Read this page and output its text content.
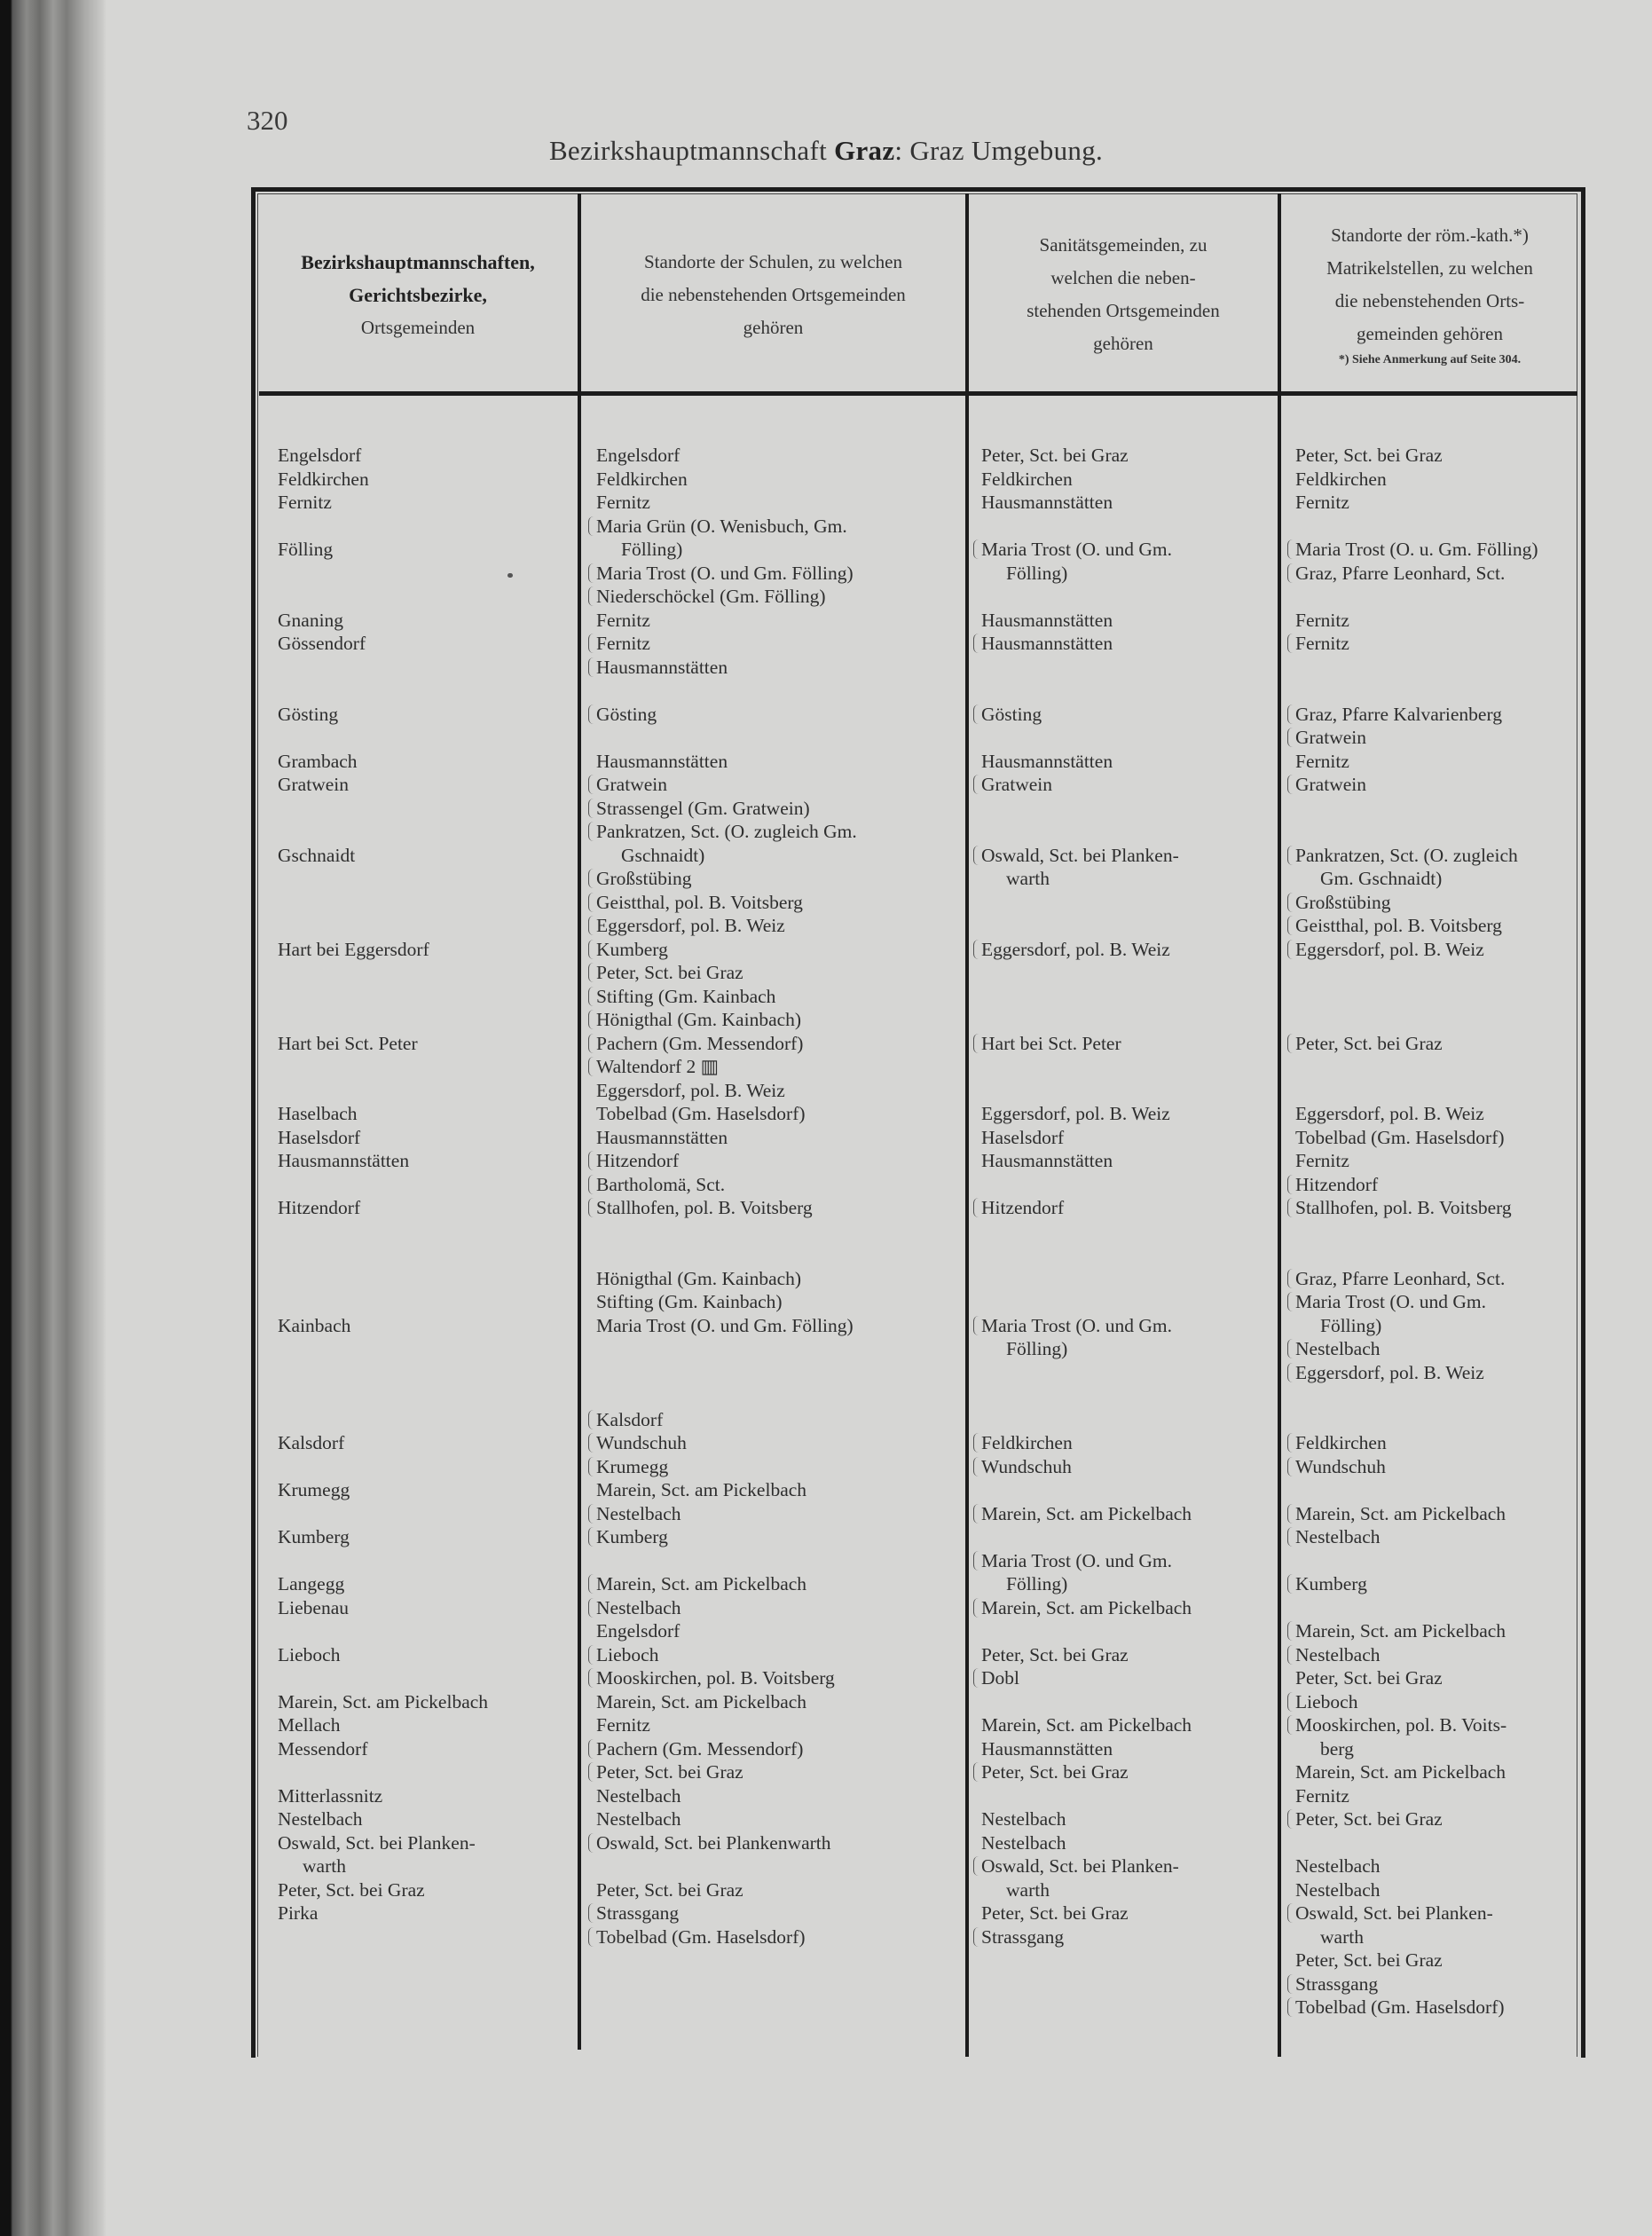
320
Bezirkshauptmannschaft Graz: Graz Umgebung.
Bezirkshauptmannschaften,
Gerichtsbezirke,
Ortsgemeinden
Standorte der Schulen, zu welchen
die nebenstehenden Ortsgemeinden
gehören
Sanitätsgemeinden, zu
welchen die neben-
stehenden Ortsgemeinden
gehören
Standorte der röm.-kath.*)
Matrikelstellen, zu welchen
die nebenstehenden Orts-
gemeinden gehören
*) Siehe Anmerkung auf Seite 304.
Engelsdorf
Feldkirchen
Fernitz
Fölling
Gnaning
Gössendorf
Gösting
Grambach
Gratwein
Gschnaidt
Hart bei Eggersdorf
Hart bei Sct. Peter
Haselbach
Haselsdorf
Hausmannstätten
Hitzendorf
Kainbach
Kalsdorf
Krumegg
Kumberg
Langegg
Liebenau
Lieboch
Marein, Sct. am Pickelbach
Mellach
Messendorf
Mitterlassnitz
Nestelbach
Oswald, Sct. bei Planken-
warth
Peter, Sct. bei Graz
Pirka
Engelsdorf
Feldkirchen
Fernitz
Maria Grün (O. Wenisbuch, Gm.
Fölling)
Maria Trost (O. und Gm. Fölling)
Niederschöckel (Gm. Fölling)
Fernitz
Fernitz
Hausmannstätten
Gösting
Hausmannstätten
Gratwein
Strassengel (Gm. Gratwein)
Pankratzen, Sct. (O. zugleich Gm.
Gschnaidt)
Großstübing
Geistthal, pol. B. Voitsberg
Eggersdorf, pol. B. Weiz
Kumberg
Peter, Sct. bei Graz
Stifting (Gm. Kainbach
Hönigthal (Gm. Kainbach)
Pachern (Gm. Messendorf)
Waltendorf 2 ▥
Eggersdorf, pol. B. Weiz
Tobelbad (Gm. Haselsdorf)
Hausmannstätten
Hitzendorf
Bartholomä, Sct.
Stallhofen, pol. B. Voitsberg
Hönigthal (Gm. Kainbach)
Stifting (Gm. Kainbach)
Maria Trost (O. und Gm. Fölling)
Kalsdorf
Wundschuh
Krumegg
Marein, Sct. am Pickelbach
Nestelbach
Kumberg
Marein, Sct. am Pickelbach
Nestelbach
Engelsdorf
Lieboch
Mooskirchen, pol. B. Voitsberg
Marein, Sct. am Pickelbach
Fernitz
Pachern (Gm. Messendorf)
Peter, Sct. bei Graz
Nestelbach
Nestelbach
Oswald, Sct. bei Plankenwarth
Peter, Sct. bei Graz
Strassgang
Tobelbad (Gm. Haselsdorf)
Peter, Sct. bei Graz
Feldkirchen
Hausmannstätten
Maria Trost (O. und Gm.
Fölling)
Hausmannstätten
Hausmannstätten
Gösting
Hausmannstätten
Gratwein
Oswald, Sct. bei Planken-
warth
Eggersdorf, pol. B. Weiz
Hart bei Sct. Peter
Eggersdorf, pol. B. Weiz
Haselsdorf
Hausmannstätten
Hitzendorf
Maria Trost (O. und Gm.
Fölling)
Feldkirchen
Wundschuh
Marein, Sct. am Pickelbach
Maria Trost (O. und Gm.
Fölling)
Marein, Sct. am Pickelbach
Peter, Sct. bei Graz
Dobl
Marein, Sct. am Pickelbach
Hausmannstätten
Peter, Sct. bei Graz
Nestelbach
Nestelbach
Oswald, Sct. bei Planken-
warth
Peter, Sct. bei Graz
Strassgang
Peter, Sct. bei Graz
Feldkirchen
Fernitz
Maria Trost (O. u. Gm. Fölling)
Graz, Pfarre Leonhard, Sct.
Fernitz
Fernitz
Graz, Pfarre Kalvarienberg
Gratwein
Fernitz
Gratwein
Pankratzen, Sct. (O. zugleich
Gm. Gschnaidt)
Großstübing
Geistthal, pol. B. Voitsberg
Eggersdorf, pol. B. Weiz
Peter, Sct. bei Graz
Eggersdorf, pol. B. Weiz
Tobelbad (Gm. Haselsdorf)
Fernitz
Hitzendorf
Stallhofen, pol. B. Voitsberg
Graz, Pfarre Leonhard, Sct.
Maria Trost (O. und Gm.
Fölling)
Nestelbach
Eggersdorf, pol. B. Weiz
Feldkirchen
Wundschuh
Marein, Sct. am Pickelbach
Nestelbach
Kumberg
Marein, Sct. am Pickelbach
Nestelbach
Peter, Sct. bei Graz
Lieboch
Mooskirchen, pol. B. Voits-
berg
Marein, Sct. am Pickelbach
Fernitz
Peter, Sct. bei Graz
Nestelbach
Nestelbach
Oswald, Sct. bei Planken-
warth
Peter, Sct. bei Graz
Strassgang
Tobelbad (Gm. Haselsdorf)
